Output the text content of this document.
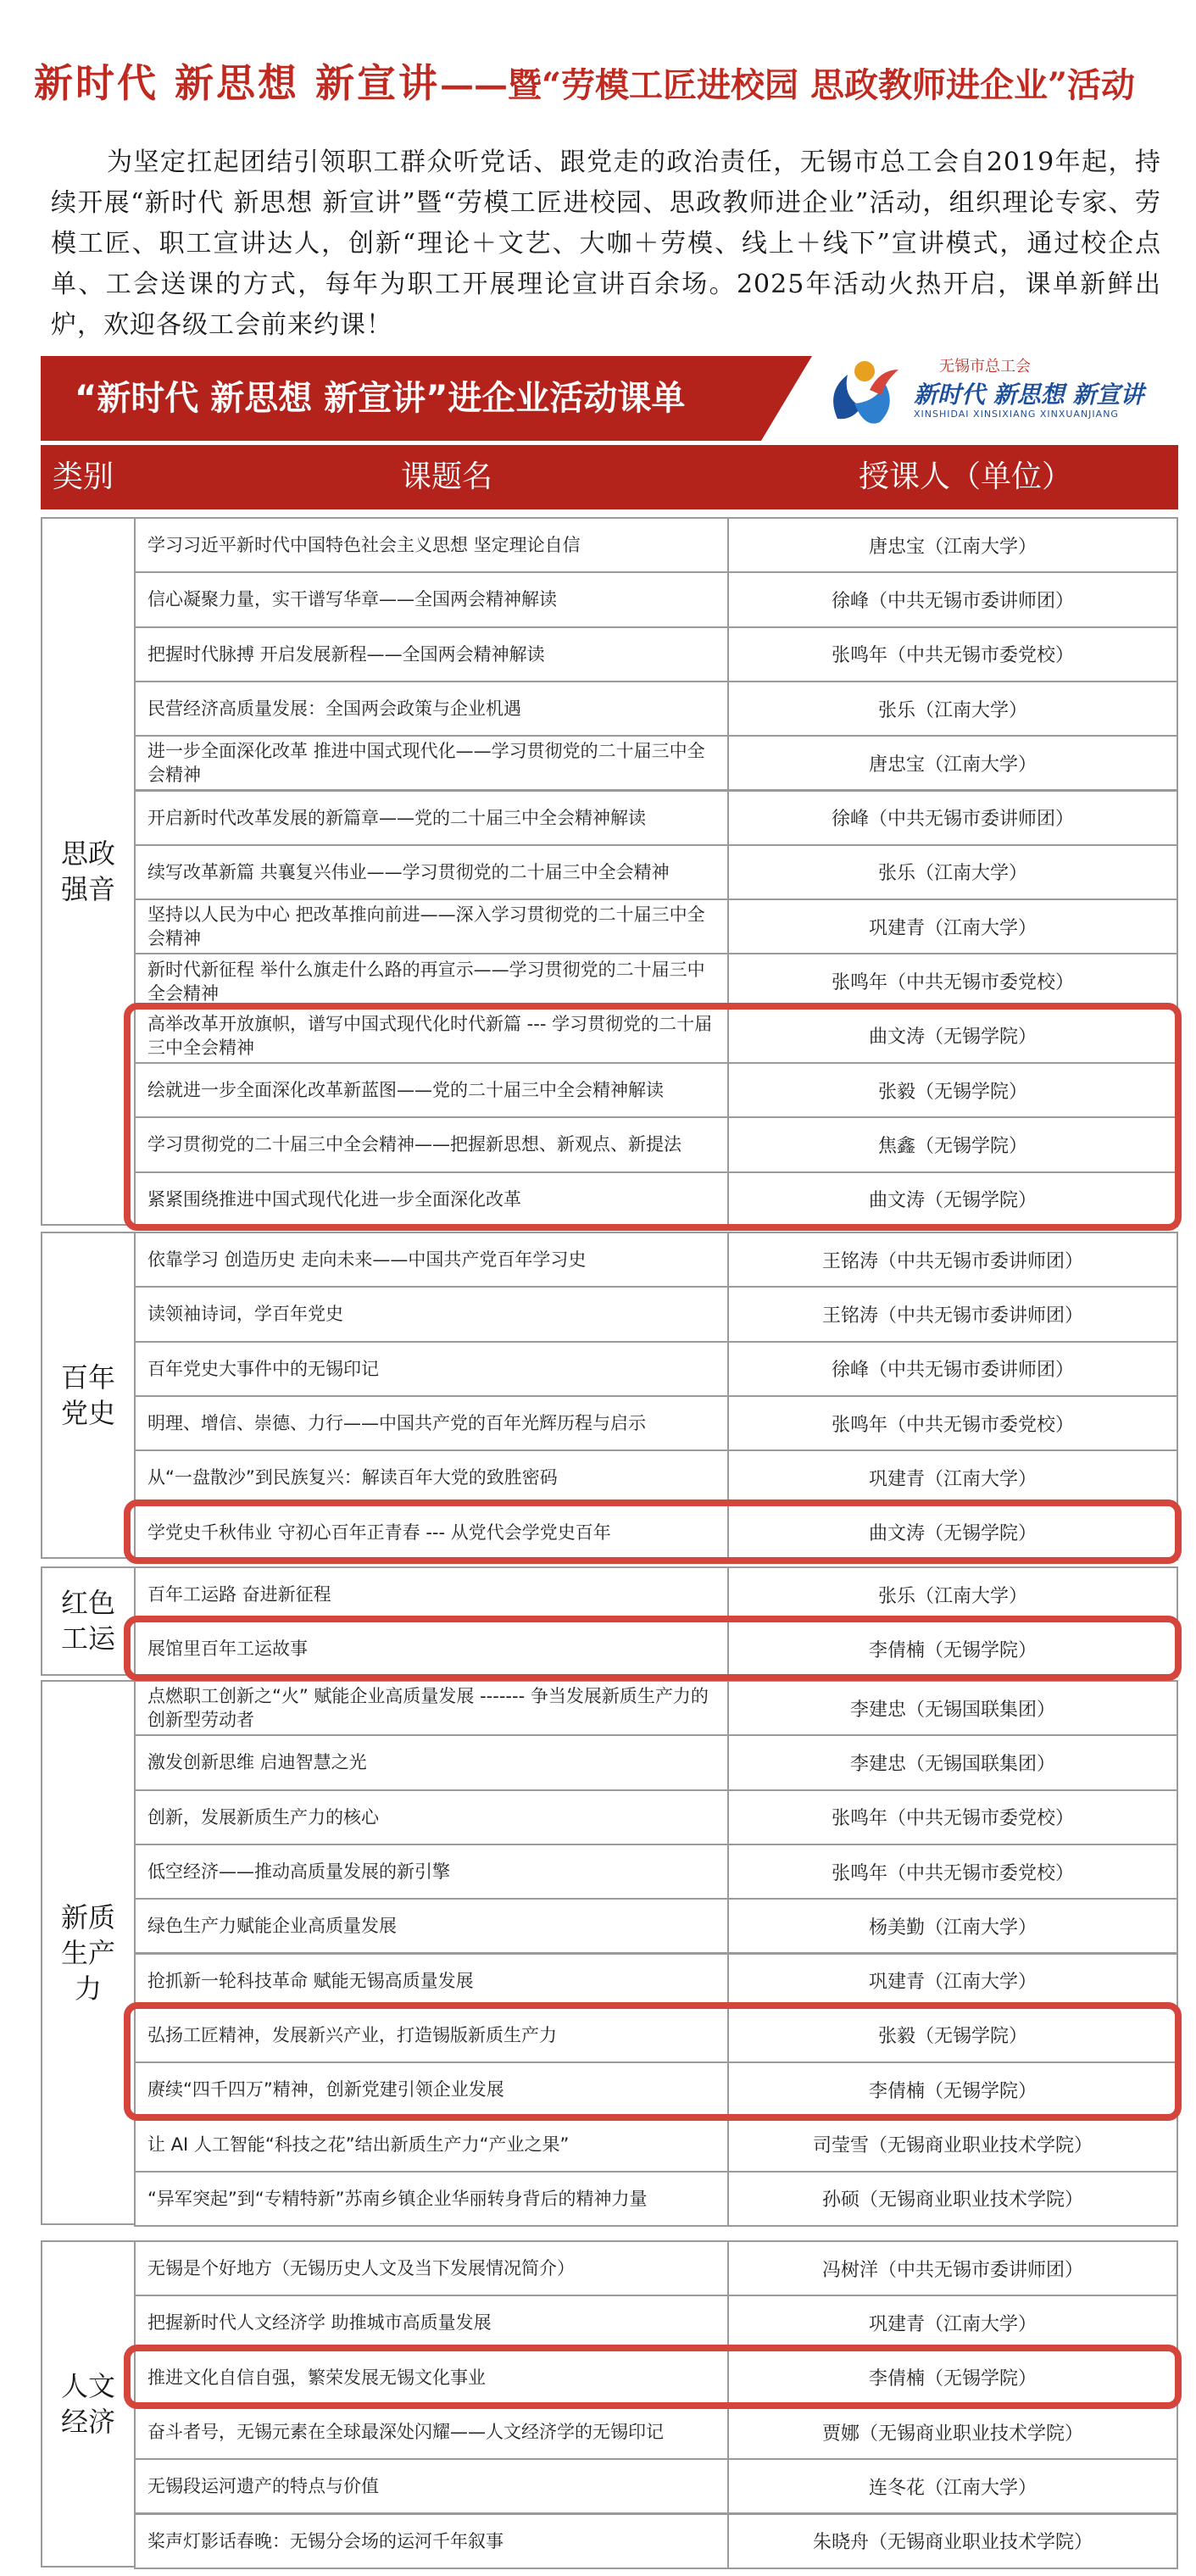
新时代 新思想 新宣讲——暨“劳模工匠进校园 思政教师进企业”活动

为坚定扛起团结引领职工群众听党话、跟党走的政治责任，无锡市总工会自2019年起，持续开展“新时代 新思想 新宣讲”暨“劳模工匠进校园、思政教师进企业”活动，组织理论专家、劳模工匠、职工宣讲达人，创新“理论＋文艺、大咖＋劳模、线上＋线下”宣讲模式，通过校企点单、工会送课的方式，每年为职工开展理论宣讲百余场。2025年活动火热开启，课单新鲜出炉，欢迎各级工会前来约课！

“新时代 新思想 新宣讲”进企业活动课单
无锡市总工会
新时代 新思想 新宣讲
XINSHIDAI XINSIXIANG XINXUANJIANG
类别	课题名	授课人（单位）
思政强音
学习习近平新时代中国特色社会主义思想 坚定理论自信	唐忠宝（江南大学）
信心凝聚力量，实干谱写华章——全国两会精神解读	徐峰（中共无锡市委讲师团）
把握时代脉搏 开启发展新程——全国两会精神解读	张鸣年（中共无锡市委党校）
民营经济高质量发展：全国两会政策与企业机遇	张乐（江南大学）
进一步全面深化改革 推进中国式现代化——学习贯彻党的二十届三中全会精神	唐忠宝（江南大学）
开启新时代改革发展的新篇章——党的二十届三中全会精神解读	徐峰（中共无锡市委讲师团）
续写改革新篇 共襄复兴伟业——学习贯彻党的二十届三中全会精神	张乐（江南大学）
坚持以人民为中心 把改革推向前进——深入学习贯彻党的二十届三中全会精神	巩建青（江南大学）
新时代新征程 举什么旗走什么路的再宣示——学习贯彻党的二十届三中全会精神	张鸣年（中共无锡市委党校）
高举改革开放旗帜，谱写中国式现代化时代新篇 --- 学习贯彻党的二十届三中全会精神	曲文涛（无锡学院）
绘就进一步全面深化改革新蓝图——党的二十届三中全会精神解读	张毅（无锡学院）
学习贯彻党的二十届三中全会精神——把握新思想、新观点、新提法	焦鑫（无锡学院）
紧紧围绕推进中国式现代化进一步全面深化改革	曲文涛（无锡学院）
百年党史
依靠学习 创造历史 走向未来——中国共产党百年学习史	王铭涛（中共无锡市委讲师团）
读领袖诗词，学百年党史	王铭涛（中共无锡市委讲师团）
百年党史大事件中的无锡印记	徐峰（中共无锡市委讲师团）
明理、增信、崇德、力行——中国共产党的百年光辉历程与启示	张鸣年（中共无锡市委党校）
从“一盘散沙”到民族复兴：解读百年大党的致胜密码	巩建青（江南大学）
学党史千秋伟业 守初心百年正青春 --- 从党代会学党史百年	曲文涛（无锡学院）
红色工运
百年工运路 奋进新征程	张乐（江南大学）
展馆里百年工运故事	李倩楠（无锡学院）
新质生产力
点燃职工创新之“火” 赋能企业高质量发展 ------- 争当发展新质生产力的创新型劳动者	李建忠（无锡国联集团）
激发创新思维 启迪智慧之光	李建忠（无锡国联集团）
创新，发展新质生产力的核心	张鸣年（中共无锡市委党校）
低空经济——推动高质量发展的新引擎	张鸣年（中共无锡市委党校）
绿色生产力赋能企业高质量发展	杨美勤（江南大学）
抢抓新一轮科技革命 赋能无锡高质量发展	巩建青（江南大学）
弘扬工匠精神，发展新兴产业，打造锡版新质生产力	张毅（无锡学院）
赓续“四千四万”精神，创新党建引领企业发展	李倩楠（无锡学院）
让 AI 人工智能“科技之花”结出新质生产力“产业之果”	司莹雪（无锡商业职业技术学院）
“异军突起”到“专精特新”苏南乡镇企业华丽转身背后的精神力量	孙硕（无锡商业职业技术学院）
人文经济
无锡是个好地方（无锡历史人文及当下发展情况简介）	冯树洋（中共无锡市委讲师团）
把握新时代人文经济学 助推城市高质量发展	巩建青（江南大学）
推进文化自信自强，繁荣发展无锡文化事业	李倩楠（无锡学院）
奋斗者号，无锡元素在全球最深处闪耀——人文经济学的无锡印记	贾娜（无锡商业职业技术学院）
无锡段运河遗产的特点与价值	连冬花（江南大学）
桨声灯影话春晚：无锡分会场的运河千年叙事	朱晓舟（无锡商业职业技术学院）
